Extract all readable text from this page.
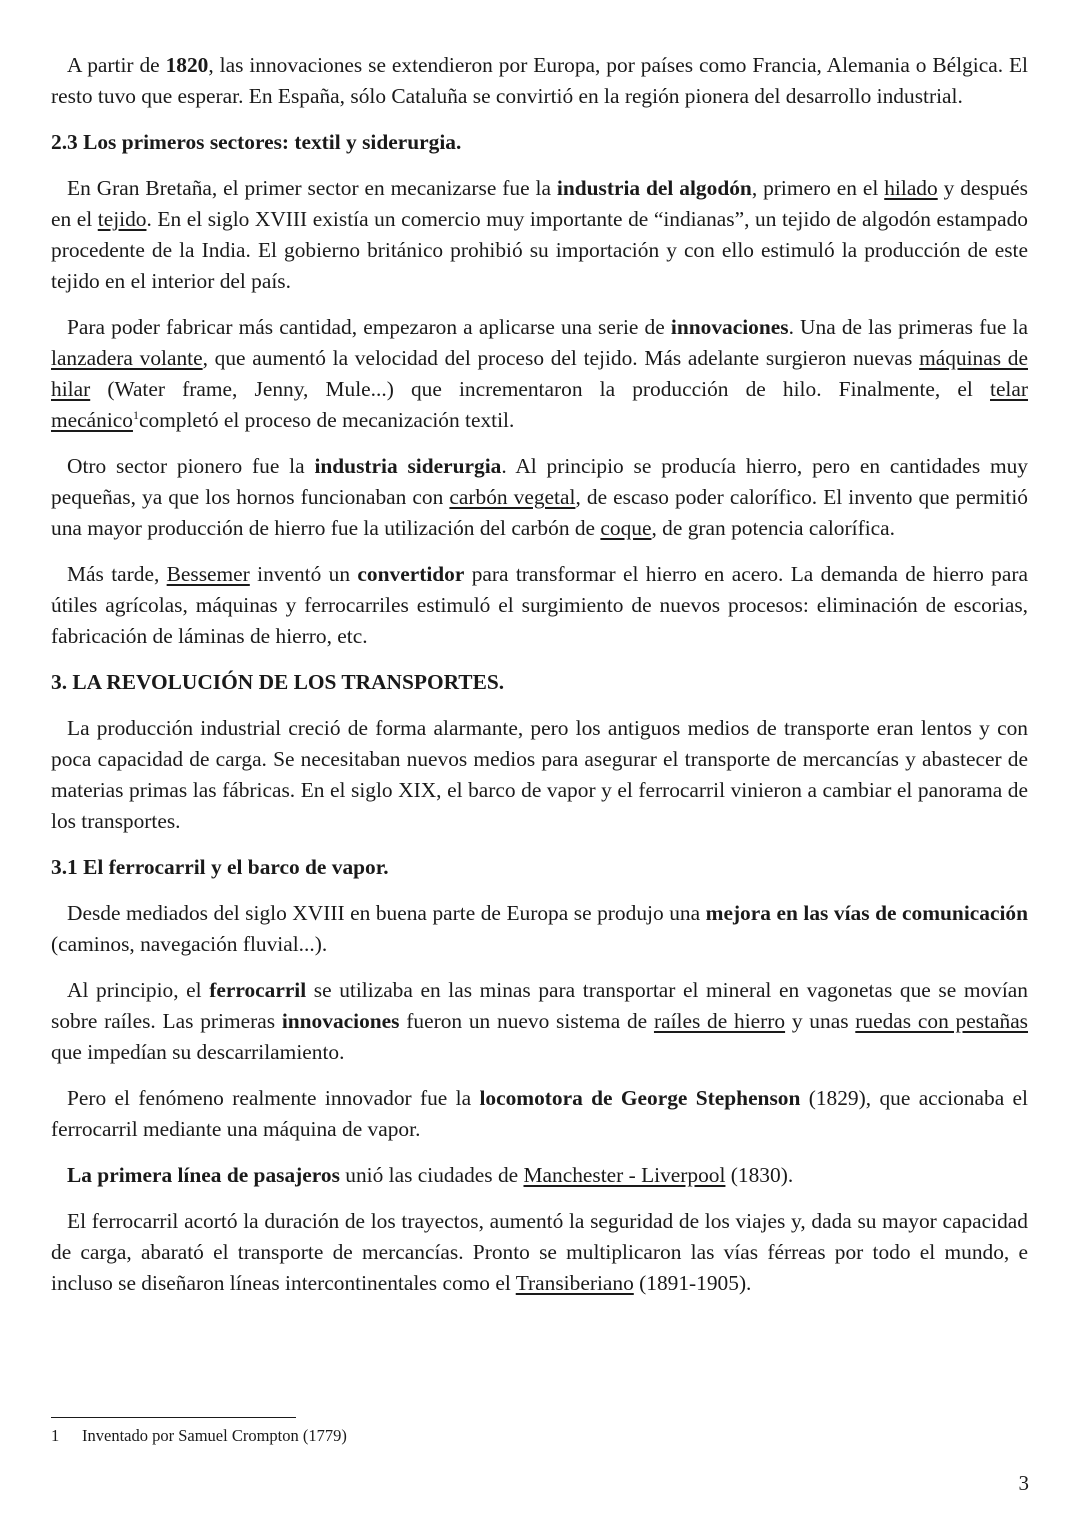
A partir de 1820, las innovaciones se extendieron por Europa, por países como Francia, Alemania o Bélgica. El resto tuvo que esperar. En España, sólo Cataluña se convirtió en la región pionera del desarrollo industrial.

2.3 Los primeros sectores: textil y siderurgia.

En Gran Bretaña, el primer sector en mecanizarse fue la industria del algodón, primero en el hilado y después en el tejido. En el siglo XVIII existía un comercio muy importante de “indianas”, un tejido de algodón estampado procedente de la India. El gobierno británico prohibió su importación y con ello estimuló la producción de este tejido en el interior del país.

Para poder fabricar más cantidad, empezaron a aplicarse una serie de innovaciones. Una de las primeras fue la lanzadera volante, que aumentó la velocidad del proceso del tejido. Más adelante surgieron nuevas máquinas de hilar (Water frame, Jenny, Mule...) que incrementaron la producción de hilo. Finalmente, el telar mecánico$^1$completó el proceso de mecanización textil.

Otro sector pionero fue la industria siderurgia. Al principio se producía hierro, pero en cantidades muy pequeñas, ya que los hornos funcionaban con carbón vegetal, de escaso poder calorífico. El invento que permitió una mayor producción de hierro fue la utilización del carbón de coque, de gran potencia calorífica.

Más tarde, Bessemer inventó un convertidor para transformar el hierro en acero. La demanda de hierro para útiles agrícolas, máquinas y ferrocarriles estimuló el surgimiento de nuevos procesos: eliminación de escorias, fabricación de láminas de hierro, etc.

3. LA REVOLUCIÓN DE LOS TRANSPORTES.

La producción industrial creció de forma alarmante, pero los antiguos medios de transporte eran lentos y con poca capacidad de carga. Se necesitaban nuevos medios para asegurar el transporte de mercancías y abastecer de materias primas las fábricas. En el siglo XIX, el barco de vapor y el ferrocarril vinieron a cambiar el panorama de los transportes.

3.1 El ferrocarril y el barco de vapor.

Desde mediados del siglo XVIII en buena parte de Europa se produjo una mejora en las vías de comunicación (caminos, navegación fluvial...).

Al principio, el ferrocarril se utilizaba en las minas para transportar el mineral en vagonetas que se movían sobre raíles. Las primeras innovaciones fueron un nuevo sistema de raíles de hierro y unas ruedas con pestañas que impedían su descarrilamiento.

Pero el fenómeno realmente innovador fue la locomotora de George Stephenson (1829), que accionaba el ferrocarril mediante una máquina de vapor.

La primera línea de pasajeros unió las ciudades de Manchester - Liverpool (1830).

El ferrocarril acortó la duración de los trayectos, aumentó la seguridad de los viajes y, dada su mayor capacidad de carga, abarató el transporte de mercancías. Pronto se multiplicaron las vías férreas por todo el mundo, e incluso se diseñaron líneas intercontinentales como el Transiberiano (1891-1905).

1 Inventado por Samuel Crompton (1779)
3
